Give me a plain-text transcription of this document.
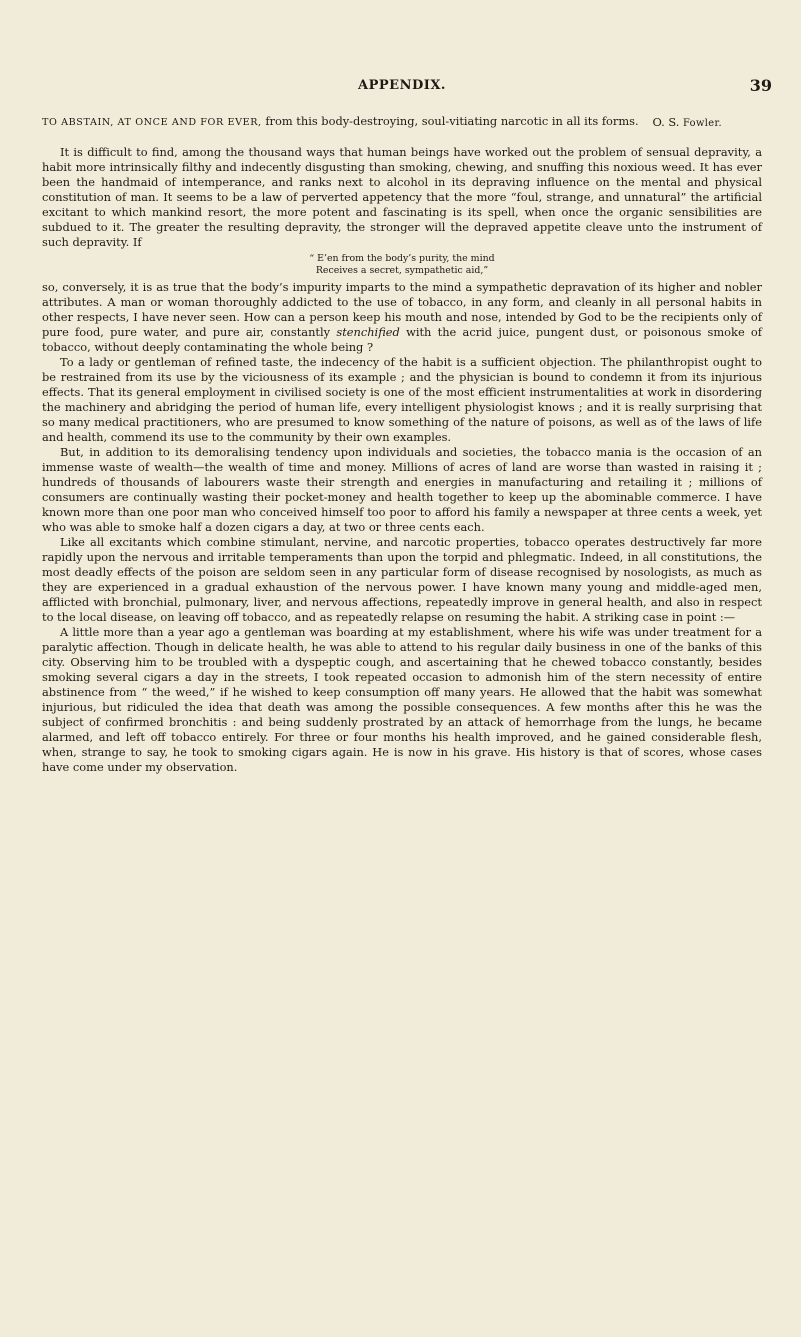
APPENDIX.	39

TO ABSTAIN, AT ONCE AND FOR EVER, from this body-destroying, soul-vitiating narcotic in all its forms.	O. S. Fowler.

It is difficult to find, among the thousand ways that human beings have worked out the problem of sensual depravity, a habit more intrinsically filthy and indecently disgusting than smoking, chewing, and snuffing this noxious weed. It has ever been the handmaid of intemperance, and ranks next to alcohol in its depraving influence on the mental and physical constitution of man. It seems to be a law of perverted appetency that the more “foul, strange, and unnatural” the artificial excitant to which mankind resort, the more potent and fascinating is its spell, when once the organic sensibilities are subdued to it. The greater the resulting depravity, the stronger will the depraved appetite cleave unto the instrument of such depravity. If

“ E’en from the body’s purity, the mind
Receives a secret, sympathetic aid,”

so, conversely, it is as true that the body’s impurity imparts to the mind a sympathetic depravation of its higher and nobler attributes. A man or woman thoroughly addicted to the use of tobacco, in any form, and cleanly in all personal habits in other respects, I have never seen. How can a person keep his mouth and nose, intended by God to be the recipients only of pure food, pure water, and pure air, constantly stenchified with the acrid juice, pungent dust, or poisonous smoke of tobacco, without deeply contaminating the whole being ?

To a lady or gentleman of refined taste, the indecency of the habit is a sufficient objection. The philanthropist ought to be restrained from its use by the viciousness of its example ; and the physician is bound to condemn it from its injurious effects. That its general employment in civilised society is one of the most efficient instrumentalities at work in disordering the machinery and abridging the period of human life, every intelligent physiologist knows ; and it is really surprising that so many medical practitioners, who are presumed to know something of the nature of poisons, as well as of the laws of life and health, commend its use to the community by their own examples.

But, in addition to its demoralising tendency upon individuals and societies, the tobacco mania is the occasion of an immense waste of wealth—the wealth of time and money. Millions of acres of land are worse than wasted in raising it ; hundreds of thousands of labourers waste their strength and energies in manufacturing and retailing it ; millions of consumers are continually wasting their pocket-money and health together to keep up the abominable commerce. I have known more than one poor man who conceived himself too poor to afford his family a newspaper at three cents a week, yet who was able to smoke half a dozen cigars a day, at two or three cents each.

Like all excitants which combine stimulant, nervine, and narcotic properties, tobacco operates destructively far more rapidly upon the nervous and irritable temperaments than upon the torpid and phlegmatic. Indeed, in all constitutions, the most deadly effects of the poison are seldom seen in any particular form of disease recognised by nosologists, as much as they are experienced in a gradual exhaustion of the nervous power. I have known many young and middle-aged men, afflicted with bronchial, pulmonary, liver, and nervous affections, repeatedly improve in general health, and also in respect to the local disease, on leaving off tobacco, and as repeatedly relapse on resuming the habit. A striking case in point :—

A little more than a year ago a gentleman was boarding at my establishment, where his wife was under treatment for a paralytic affection. Though in delicate health, he was able to attend to his regular daily business in one of the banks of this city. Observing him to be troubled with a dyspeptic cough, and ascertaining that he chewed tobacco constantly, besides smoking several cigars a day in the streets, I took repeated occasion to admonish him of the stern necessity of entire abstinence from “ the weed,” if he wished to keep consumption off many years. He allowed that the habit was somewhat injurious, but ridiculed the idea that death was among the possible consequences. A few months after this he was the subject of confirmed bronchitis : and being suddenly prostrated by an attack of hemorrhage from the lungs, he became alarmed, and left off tobacco entirely. For three or four months his health improved, and he gained considerable flesh, when, strange to say, he took to smoking cigars again. He is now in his grave. His history is that of scores, whose cases have come under my observation.
